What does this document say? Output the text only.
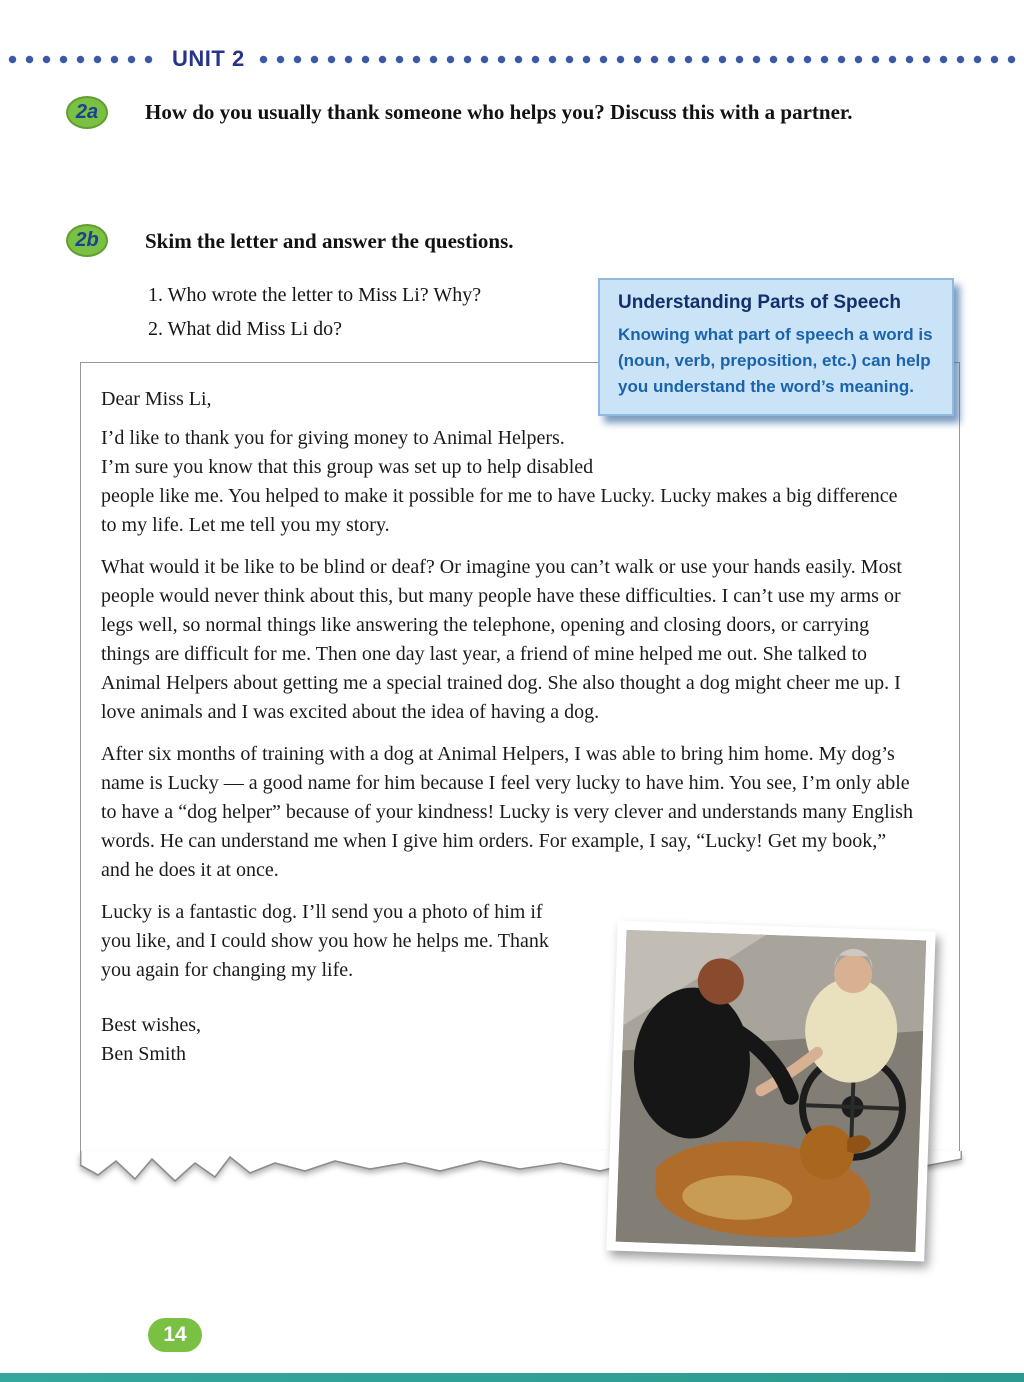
UNIT 2
2a	How do you usually thank someone who helps you? Discuss this with a partner.

2b	Skim the letter and answer the questions.

1. Who wrote the letter to Miss Li? Why?
2. What did Miss Li do?
Understanding Parts of Speech

Knowing what part of speech a word is (noun, verb, preposition, etc.) can help you understand the word’s meaning.

Dear Miss Li,

I’d like to thank you for giving money to Animal Helpers. I’m sure you know that this group was set up to help disabled people like me. You helped to make it possible for me to have Lucky. Lucky makes a big difference to my life. Let me tell you my story.

What would it be like to be blind or deaf? Or imagine you can’t walk or use your hands easily. Most people would never think about this, but many people have these difficulties. I can’t use my arms or legs well, so normal things like answering the telephone, opening and closing doors, or carrying things are difficult for me. Then one day last year, a friend of mine helped me out. She talked to Animal Helpers about getting me a special trained dog. She also thought a dog might cheer me up. I love animals and I was excited about the idea of having a dog.

After six months of training with a dog at Animal Helpers, I was able to bring him home. My dog’s name is Lucky — a good name for him because I feel very lucky to have him. You see, I’m only able to have a “dog helper” because of your kindness! Lucky is very clever and understands many English words. He can understand me when I give him orders. For example, I say, “Lucky! Get my book,” and he does it at once.

Lucky is a fantastic dog. I’ll send you a photo of him if you like, and I could show you how he helps me. Thank you again for changing my life.

Best wishes,

Ben Smith

14
